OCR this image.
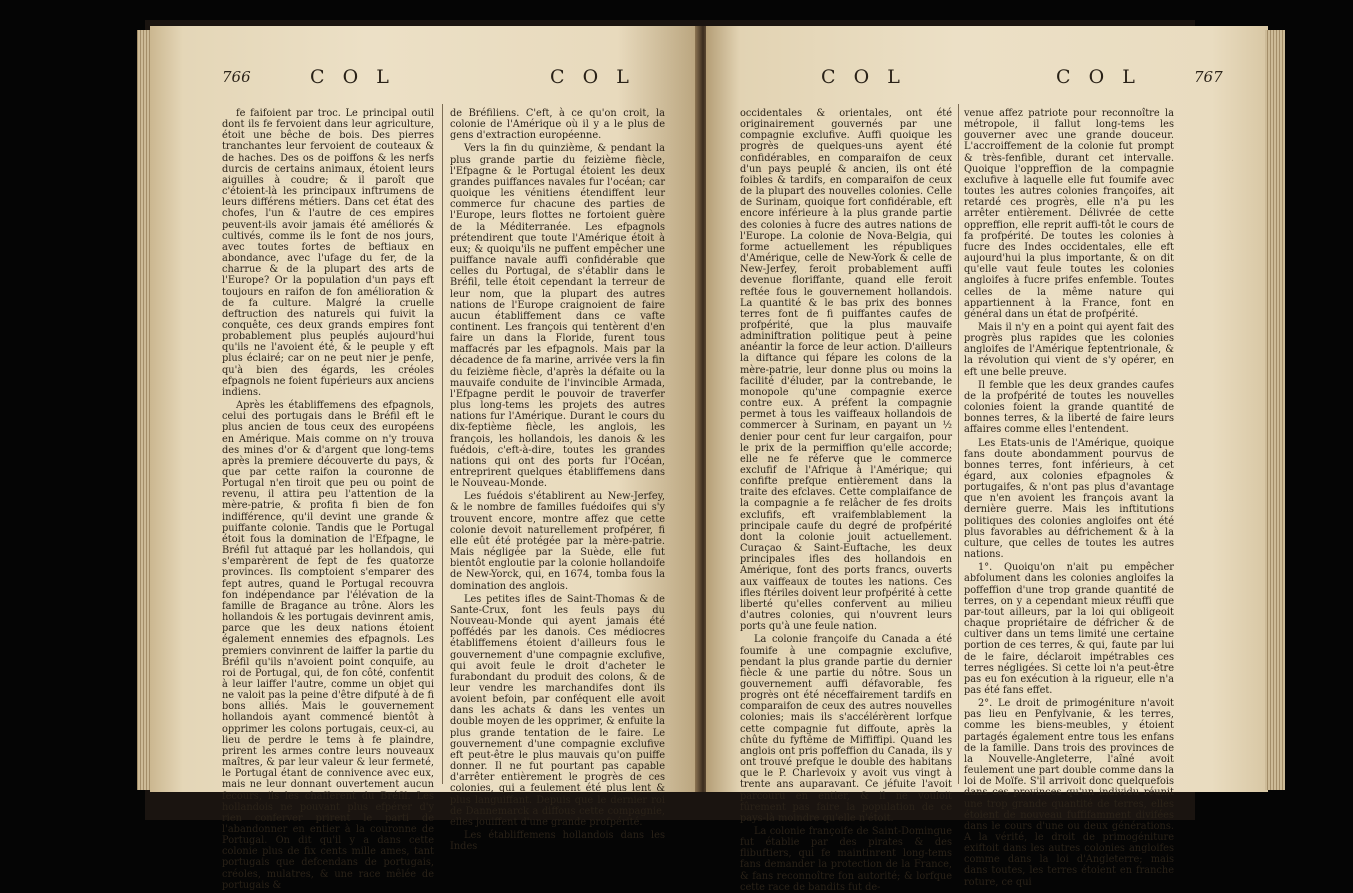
766	C O L	C O L

fe faifoient par troc. Le principal outil dont ils fe fervoient dans leur agriculture, étoit une bêche de bois. Des pierres tranchantes leur fervoient de couteaux & de haches. Des os de poiffons & les nerfs durcis de certains animaux, étoient leurs aiguilles à coudre; & il paroît que c'étoient-là les principaux inftrumens de leurs différens métiers. Dans cet état des chofes, l'un & l'autre de ces empires peuvent-ils avoir jamais été améliorés & cultivés, comme ils le font de nos jours, avec toutes fortes de beftiaux en abondance, avec l'ufage du fer, de la charrue & de la plupart des arts de l'Europe? Or la population d'un pays eft toujours en raifon de fon amélioration & de fa culture. Malgré la cruelle deftruction des naturels qui fuivit la conquête, ces deux grands empires font probablement plus peuplés aujourd'hui qu'ils ne l'avoient été, & le peuple y eft plus éclairé; car on ne peut nier je penfe, qu'à bien des égards, les créoles efpagnols ne foient fupérieurs aux anciens indiens.

Après les établiffemens des efpagnols, celui des portugais dans le Bréfil eft le plus ancien de tous ceux des européens en Amérique. Mais comme on n'y trouva des mines d'or & d'argent que long-tems après la premiere découverte du pays, & que par cette raifon la couronne de Portugal n'en tiroit que peu ou point de revenu, il attira peu l'attention de la mère-patrie, & profita fi bien de fon indifférence, qu'il devint une grande & puiffante colonie. Tandis que le Portugal étoit fous la domination de l'Efpagne, le Bréfil fut attaqué par les hollandois, qui s'emparèrent de fept de fes quatorze provinces. Ils comptoient s'emparer des fept autres, quand le Portugal recouvra fon indépendance par l'élévation de la famille de Bragance au trône. Alors les hollandois & les portugais devinrent amis, parce que les deux nations étoient également ennemies des efpagnols. Les premiers convinrent de laiffer la partie du Bréfil qu'ils n'avoient point conquife, au roi de Portugal, qui, de fon côté, confentit à leur laiffer l'autre, comme un objet qui ne valoit pas la peine d'être difputé à de fi bons alliés. Mais le gouvernement hollandois ayant commencé bientôt à opprimer les colons portugais, ceux-ci, au lieu de perdre le tems à fe plaindre, prirent les armes contre leurs nouveaux maîtres, & par leur valeur & leur fermeté, le Portugal étant de connivence avec eux, mais ne leur donnant ouvertement aucun fecours, ils les chafferent du Bréfil. Les hollandois ne pouvant plus efpérer d'y rien conferver prirent le parti de l'abandonner en entier à la couronne de Portugal. On dit qu'il y a dans cette colonie plus de fix cents mille ames, tant portugais que defcendans de portugais, créoles, mulatres, & une race mêlée de portugais &

de Bréfiliens. C'eft, à ce qu'on croit, la colonie de l'Amérique où il y a le plus de gens d'extraction européenne.

Vers la fin du quinzième, & pendant la plus grande partie du feizième fiècle, l'Efpagne & le Portugal étoient les deux grandes puiffances navales fur l'océan; car quoique les vénitiens étendiffent leur commerce fur chacune des parties de l'Europe, leurs flottes ne fortoient guère de la Méditerranée. Les efpagnols prétendirent que toute l'Amérique étoit à eux; & quoiqu'ils ne puffent empêcher une puiffance navale auffi confidérable que celles du Portugal, de s'établir dans le Bréfil, telle étoit cependant la terreur de leur nom, que la plupart des autres nations de l'Europe craignoient de faire aucun établiffement dans ce vafte continent. Les françois qui tentèrent d'en faire un dans la Floride, furent tous maffacrés par les efpagnols. Mais par la décadence de fa marine, arrivée vers la fin du feizième fiècle, d'après la défaite ou la mauvaife conduite de l'invincible Armada, l'Efpagne perdit le pouvoir de traverfer plus long-tems les projets des autres nations fur l'Amérique. Durant le cours du dix-feptième fiècle, les anglois, les françois, les hollandois, les danois & les fuédois, c'eft-à-dire, toutes les grandes nations qui ont des ports fur l'Océan, entreprirent quelques établiffemens dans le Nouveau-Monde.

Les fuédois s'établirent au New-Jerfey, & le nombre de familles fuédoifes qui s'y trouvent encore, montre affez que cette colonie devoit naturellement profpérer, fi elle eût été protégée par la mère-patrie. Mais négligée par la Suède, elle fut bientôt engloutie par la colonie hollandoife de New-Yorck, qui, en 1674, tomba fous la domination des anglois.

Les petites ifles de Saint-Thomas & de Sante-Crux, font les feuls pays du Nouveau-Monde qui ayent jamais été poffédés par les danois. Ces médiocres établiffemens étoient d'ailleurs fous le gouvernement d'une compagnie exclufive, qui avoit feule le droit d'acheter le furabondant du produit des colons, & de leur vendre les marchandifes dont ils avoient befoin, par conféquent elle avoit dans les achats & dans les ventes un double moyen de les opprimer, & enfuite la plus grande tentation de le faire. Le gouvernement d'une compagnie exclufive eft peut-être le plus mauvais qu'on puiffe donner. Il ne fut pourtant pas capable d'arrêter entièrement le progrès de ces colonies, qui a feulement été plus lent & plus languiffant. Depuis que le dernier roi de Dannemarck a diffous cette compagnie, elles jouiffent d'une grande profpérité.

Les établiffemens hollandois dans les Indes

C O L	C O L	767

occidentales & orientales, ont été originairement gouvernés par une compagnie exclufive. Auffi quoique les progrès de quelques-uns ayent été confidérables, en comparaifon de ceux d'un pays peuplé & ancien, ils ont été foibles & tardifs, en comparaifon de ceux de la plupart des nouvelles colonies. Celle de Surinam, quoique fort confidérable, eft encore inférieure à la plus grande partie des colonies à fucre des autres nations de l'Europe. La colonie de Nova-Belgia, qui forme actuellement les républiques d'Amérique, celle de New-York & celle de New-Jerfey, feroit probablement auffi devenue floriffante, quand elle feroit reftée fous le gouvernement hollandois. La quantité & le bas prix des bonnes terres font de fi puiffantes caufes de profpérité, que la plus mauvaife adminiftration politique peut à peine anéantir la force de leur action. D'ailleurs la diftance qui fépare les colons de la mère-patrie, leur donne plus ou moins la facilité d'éluder, par la contrebande, le monopole qu'une compagnie exerce contre eux. A préfent la compagnie permet à tous les vaiffeaux hollandois de commercer à Surinam, en payant un ½ denier pour cent fur leur cargaifon, pour le prix de la permiffion qu'elle accorde; elle ne fe réferve que le commerce exclufif de l'Afrique à l'Amérique; qui confifte prefque entièrement dans la traite des efclaves. Cette complaifance de la compagnie a fe relâcher de fes droits exclufifs, eft vraifemblablement la principale caufe du degré de profpérité dont la colonie jouit actuellement. Curaçao & Saint-Euftache, les deux principales ifles des hollandois en Amérique, font des ports francs, ouverts aux vaiffeaux de toutes les nations. Ces ifles ftériles doivent leur profpérité à cette liberté qu'elles confervent au milieu d'autres colonies, qui n'ouvrent leurs ports qu'à une feule nation.

La colonie françoife du Canada a été foumife à une compagnie exclufive, pendant la plus grande partie du dernier fiècle & une partie du nôtre. Sous un gouvernement auffi défavorable, fes progrès ont été néceffairement tardifs en comparaifon de ceux des autres nouvelles colonies; mais ils s'accélérèrent lorfque cette compagnie fut diffoute, après la chûte du fyftême de Miffiffipi. Quand les anglois ont pris poffeffion du Canada, ils y ont trouvé prefque le double des habitans que le P. Charlevoix y avoit vus vingt à trente ans auparavant. Ce jéfuite l'avoit parcouru en entier, & il ne vouloit fûrement pas faire la population de ce pays-là moindre qu'elle n'étoit.

La colonie françoife de Saint-Domingue fut établie par des pirates & des flibuftiers, qui fe maintinrent long-tems fans demander la protection de la France, & fans reconnoître fon autorité; & lorfque cette race de bandits fut de-

venue affez patriote pour reconnoître la métropole, il fallut long-tems les gouverner avec une grande douceur. L'accroiffement de la colonie fut prompt & très-fenfible, durant cet intervalle. Quoique l'oppreffion de la compagnie exclufive à laquelle elle fut foumife avec toutes les autres colonies françoifes, ait retardé ces progrès, elle n'a pu les arrêter entièrement. Délivrée de cette oppreffion, elle reprit auffi-tôt le cours de fa profpérité. De toutes les colonies à fucre des Indes occidentales, elle eft aujourd'hui la plus importante, & on dit qu'elle vaut feule toutes les colonies angloifes à fucre prifes enfemble. Toutes celles de la même nature qui appartiennent à la France, font en général dans un état de profpérité.

Mais il n'y en a point qui ayent fait des progrès plus rapides que les colonies angloifes de l'Amérique feptentrionale, & la révolution qui vient de s'y opérer, en eft une belle preuve.

Il femble que les deux grandes caufes de la profpérité de toutes les nouvelles colonies foient la grande quantité de bonnes terres, & la liberté de faire leurs affaires comme elles l'entendent.

Les Etats-unis de l'Amérique, quoique fans doute abondamment pourvus de bonnes terres, font inférieurs, à cet égard, aux colonies efpagnoles & portugaifes, & n'ont pas plus d'avantage que n'en avoient les françois avant la dernière guerre. Mais les inftitutions politiques des colonies angloifes ont été plus favorables au défrichement & à la culture, que celles de toutes les autres nations.

1°. Quoiqu'on n'ait pu empêcher abfolument dans les colonies angloifes la poffeffion d'une trop grande quantité de terres, on y a cependant mieux réuffi que par-tout ailleurs, par la loi qui obligeoit chaque propriétaire de défricher & de cultiver dans un tems limité une certaine portion de ces terres, & qui, faute par lui de le faire, déclaroit impétrables ces terres négligées. Si cette loi n'a peut-être pas eu fon exécution à la rigueur, elle n'a pas été fans effet.

2°. Le droit de primogéniture n'avoit pas lieu en Penfylvanie, & les terres, comme les biens-meubles, y étoient partagés également entre tous les enfans de la famille. Dans trois des provinces de la Nouvelle-Angleterre, l'aîné avoit feulement une part double comme dans la loi de Moïfe. S'il arrivoit donc quelquefois dans ces provinces qu'un individu réunit une trop grande quantité de terres, elles étoient de nouveau fuffifamment divifées dans le cours d'une ou deux générations. A la vérité, le droit de primogéniture exiftoit dans les autres colonies angloifes comme dans la loi d'Angleterre; mais dans toutes, les terres étoient en franche roture, ce qui
